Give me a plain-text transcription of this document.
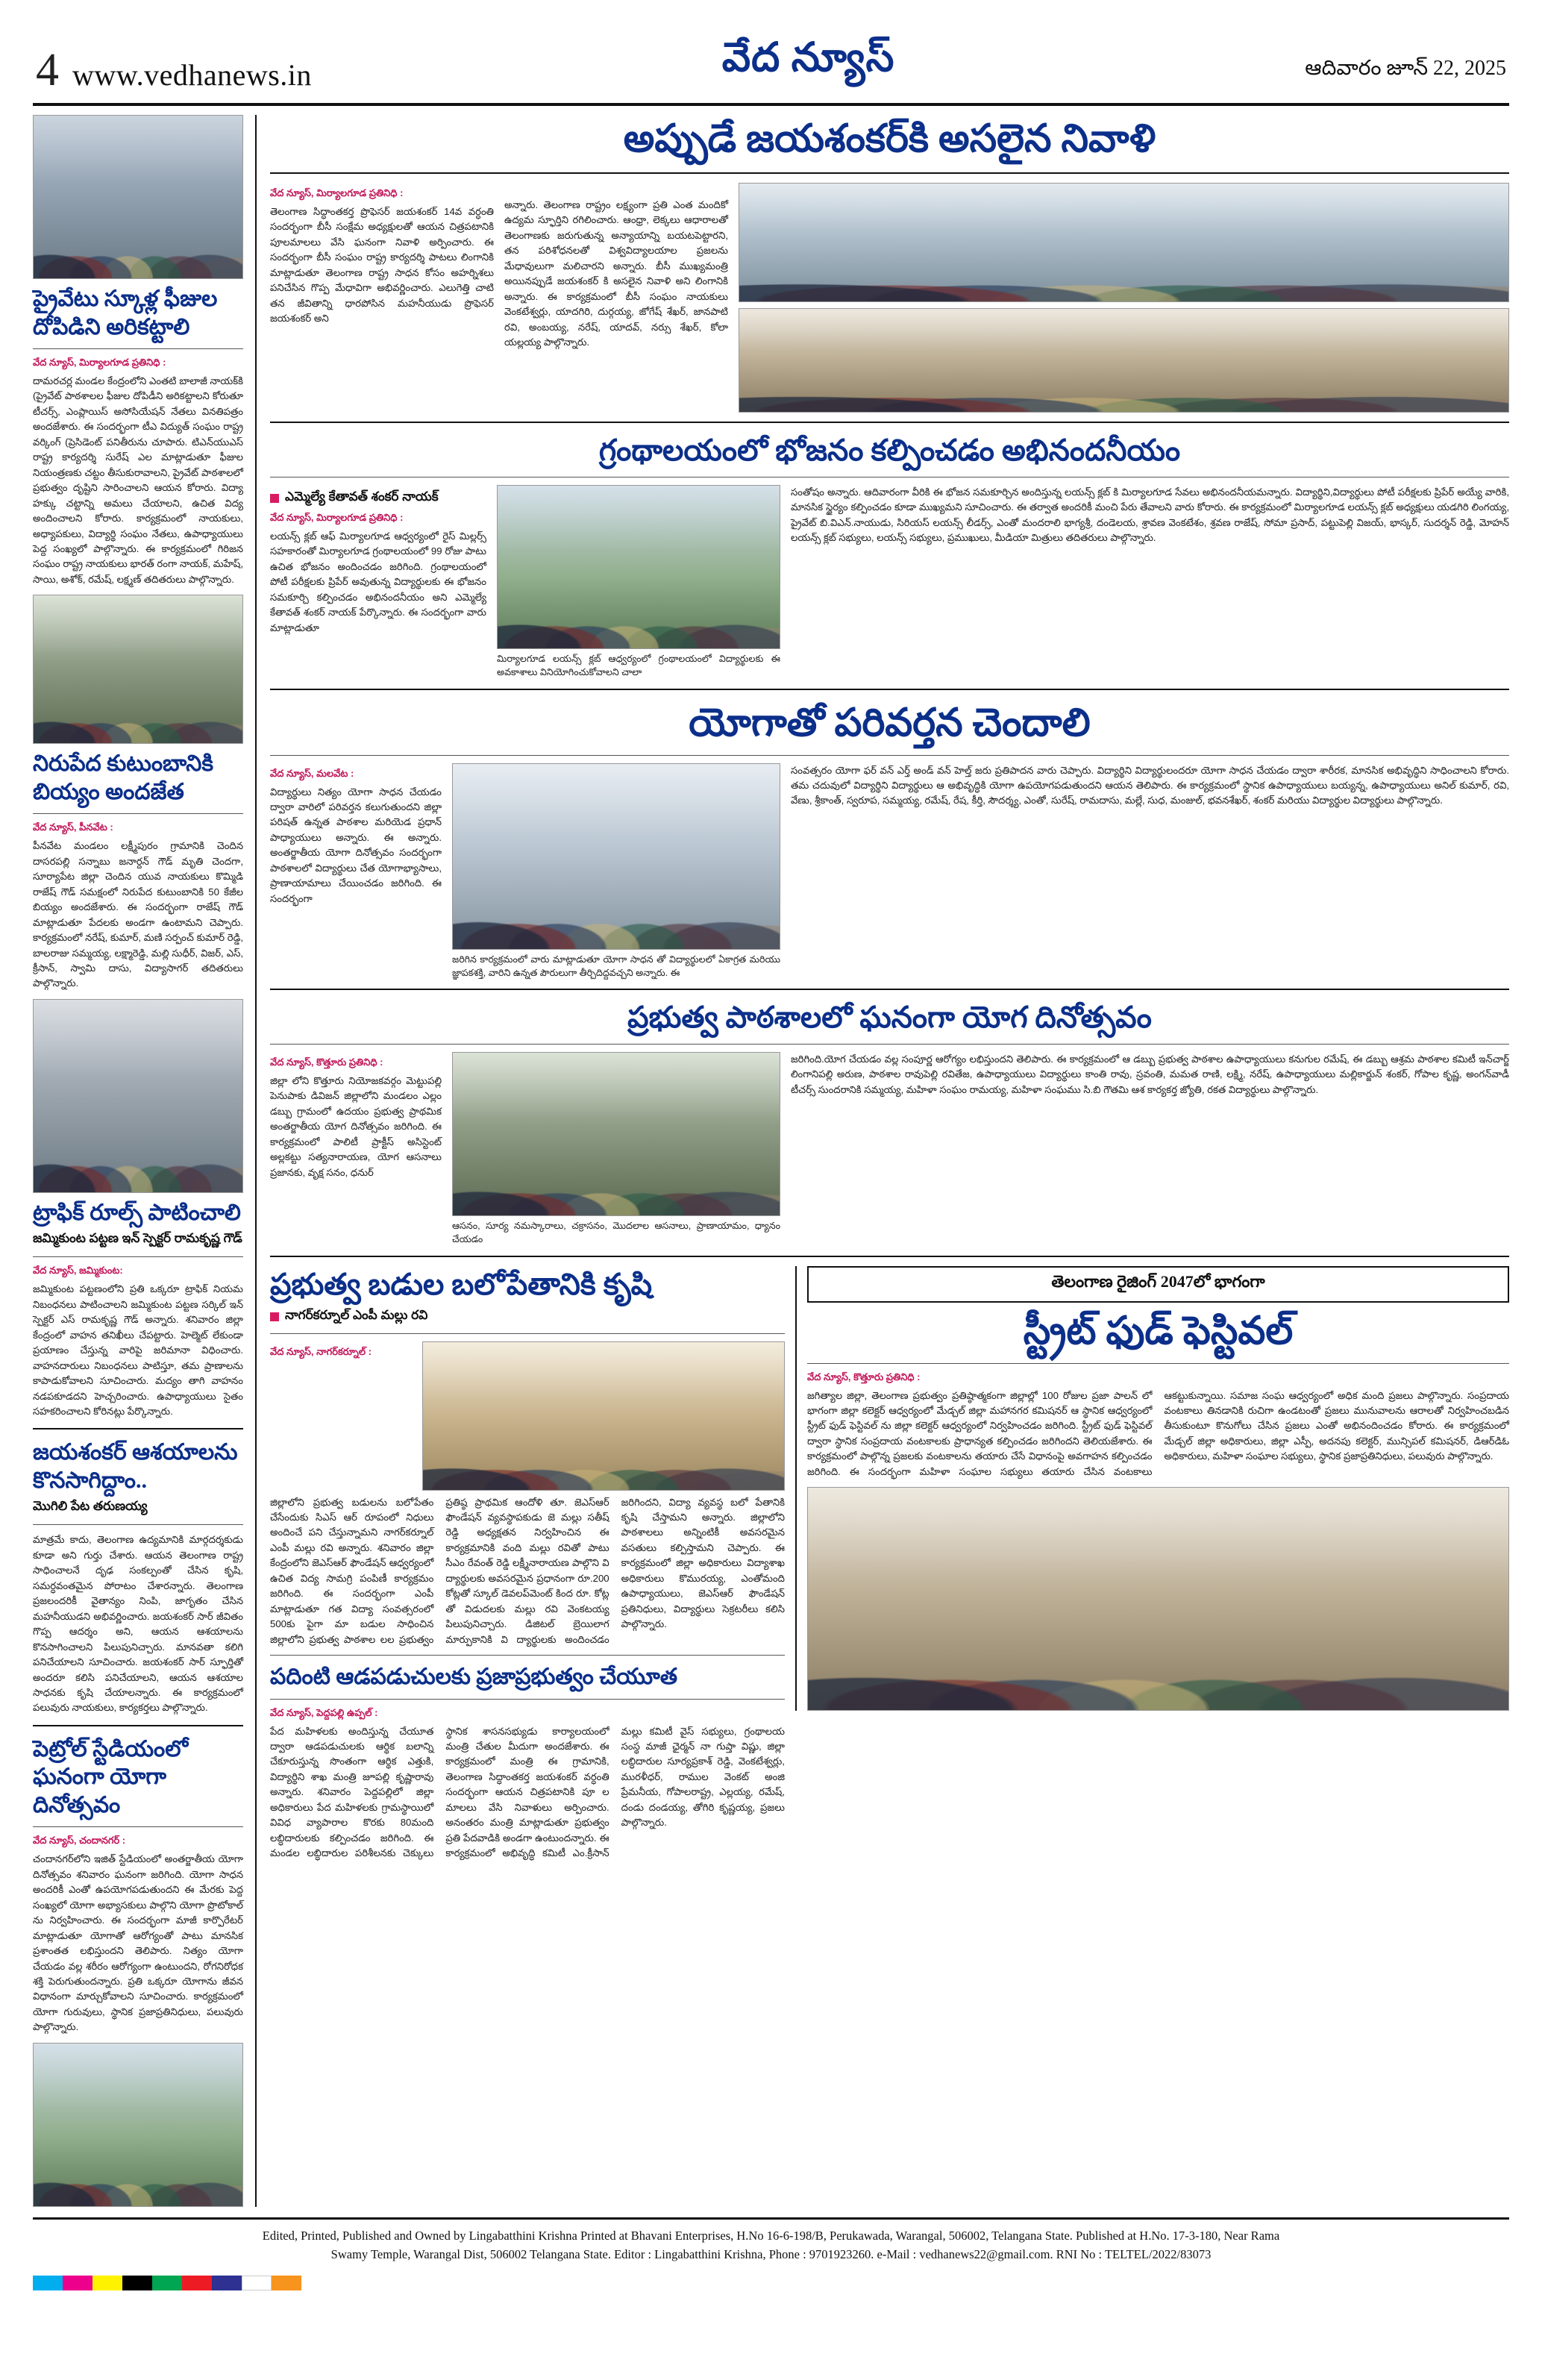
4 www.vedhanews.in	వేద న్యూస్	ఆదివారం జూన్ 22, 2025
ప్రైవేటు స్కూళ్ల ఫీజుల దోపిడిని అరికట్టాలి
వేద న్యూస్, మిర్యాలగూడ ప్రతినిధి :
దామరచర్ల మండల కేంద్రంలోని ఎంతటి బాలాజీ నాయక్‌కి (ప్రైవేట్ పాఠశాలల ఫీజుల దోపిడీని అరికట్టాలని కోరుతూ టీచర్స్, ఎంప్లాయిస్ అసోసియేషన్ నేతలు వినతిపత్రం అందజేశారు. ఈ సందర్భంగా టీఎ విద్యుత్ సంఘం రాష్ట్ర వర్కింగ్ (ప్రెసిడెంట్ పనితీరును చూపారు. టిఎన్‌యుఎస్ రాష్ట్ర కార్యదర్శి సురేష్ ఎల మాట్లాడుతూ ఫీజుల నియంత్రణకు చట్టం తీసుకురావాలని, ప్రైవేట్ పాఠశాలలో ప్రభుత్వం దృష్టిని సారించాలని ఆయన కోరారు. విద్యా హక్కు చట్టాన్ని అమలు చేయాలని, ఉచిత విద్య అందించాలని కోరారు. కార్యక్రమంలో నాయకులు, అధ్యాపకులు, విద్యార్థి సంఘం నేతలు, ఉపాధ్యాయులు పెద్ద సంఖ్యలో పాల్గొన్నారు. ఈ కార్యక్రమంలో గిరిజన సంఘం రాష్ట్ర నాయకులు భారత్ రంగా నాయక్, మహేష్, సాయి, అశోక్, రమేష్, లక్ష్మణ్ తదితరులు పాల్గొన్నారు.
నిరుపేద కుటుంబానికి బియ్యం అందజేత
వేద న్యూస్, పీనవేట :
పీనవేట మండలం లక్ష్మీపురం గ్రామానికి చెందిన దాసరపల్లి సన్నాబు జనార్దన్ గౌడ్ మృతి చెందగా, సూర్యాపేట జిల్లా చెందిన యువ నాయకులు కొమ్మిడి రాజేష్ గౌడ్ సమక్షంలో నిరుపేద కుటుంబానికి 50 కేజీల బియ్యం అందజేశారు. ఈ సందర్భంగా రాజేష్ గౌడ్ మాట్లాడుతూ పేదలకు అండగా ఉంటామని చెప్పారు. కార్యక్రమంలో నరేష్, కుమార్, మణి సర్పంచ్ కుమార్ రెడ్డి, బాలరాజు సమ్మయ్య, లక్ష్మారెడ్డి, మల్లి సుధీర్, విజర్, ఎస్, క్రీసాన్, స్వామి దాసు, విద్యాసాగర్ తదితరులు పాల్గొన్నారు.
ట్రాఫిక్ రూల్స్ పాటించాలి
జమ్మికుంట పట్టణ ఇన్ స్పెక్టర్ రామకృష్ణ గౌడ్
వేద న్యూస్, జమ్మికుంట:
జమ్మికుంట పట్టణంలోని ప్రతి ఒక్కరూ ట్రాఫిక్ నియమ నిబంధనలు పాటించాలని జమ్మికుంట పట్టణ సర్కిల్ ఇన్ స్పెక్టర్ ఎస్ రామకృష్ణ గౌడ్ అన్నారు. శనివారం జిల్లా కేంద్రంలో వాహన తనిఖీలు చేపట్టారు. హెల్మెట్ లేకుండా ప్రయాణం చేస్తున్న వారిపై జరిమానా విధించారు. వాహనదారులు నిబంధనలు పాటిస్తూ, తమ ప్రాణాలను కాపాడుకోవాలని సూచించారు. మద్యం తాగి వాహనం నడపకూడదని హెచ్చరించారు. ఉపాధ్యాయులు సైతం సహకరించాలని కోరినట్లు పేర్కొన్నారు.
జయశంకర్ ఆశయాలను కొనసాగిద్దాం..
మొగిలి పేట తరుణయ్య
మాత్రమే కాదు, తెలంగాణ ఉద్యమానికి మార్గదర్శకుడు కూడా అని గుర్తు చేశారు. ఆయన తెలంగాణ రాష్ట్ర సాధించాలనే దృఢ సంకల్పంతో చేసిన కృషి, సమర్ధవంతమైన పోరాటం చేశారన్నారు. తెలంగాణ ప్రజలందరికీ వైతాన్యం నింపి, జాగృతం చేసిన మహనీయుడని అభివర్ణించారు. జయశంకర్ సార్ జీవితం గొప్ప ఆదర్శం అని, ఆయన ఆశయాలను కొనసాగించాలని పిలుపునిచ్చారు. మానవతా కలిగి పనిచేయాలని సూచించారు. జయశంకర్ సార్ స్ఫూర్తితో అందరూ కలిసి పనిచేయాలని, ఆయన ఆశయాల సాధనకు కృషి చేయాలన్నారు. ఈ కార్యక్రమంలో పలువురు నాయకులు, కార్యకర్తలు పాల్గొన్నారు.
పెట్రోల్ స్టేడియంలో ఘనంగా యోగా దినోత్సవం
వేద న్యూస్, చందానగర్ :
చందానగర్‌లోని ఇజిత్ స్టేడియంలో అంతర్జాతీయ యోగా దినోత్సవం శనివారం ఘనంగా జరిగింది. యోగా సాధన అందరికీ ఎంతో ఉపయోగపడుతుందని ఈ మేరకు పెద్ద సంఖ్యలో యోగా అభ్యాసకులు పాల్గొని యోగా ప్రొటోకాల్ ను నిర్వహించారు. ఈ సందర్భంగా మాజీ కార్పొరేటర్ మాట్లాడుతూ యోగాతో ఆరోగ్యంతో పాటు మానసిక ప్రశాంతత లభిస్తుందని తెలిపారు. నిత్యం యోగా చేయడం వల్ల శరీరం ఆరోగ్యంగా ఉంటుందని, రోగనిరోధక శక్తి పెరుగుతుందన్నారు. ప్రతి ఒక్కరూ యోగాను జీవన విధానంగా మార్చుకోవాలని సూచించారు. కార్యక్రమంలో యోగా గురువులు, స్థానిక ప్రజాప్రతినిధులు, పలువురు పాల్గొన్నారు.
అప్పుడే జయశంకర్‌కి అసలైన నివాళి
వేద న్యూస్, మిర్యాలగూడ ప్రతినిధి :
తెలంగాణ సిద్ధాంతకర్త ప్రొఫెసర్ జయశంకర్ 14వ వర్ధంతి సందర్భంగా బీసీ సంక్షేమ అధ్యక్షులతో ఆయన చిత్రపటానికి పూలమాలలు వేసి ఘనంగా నివాళి అర్పించారు. ఈ సందర్భంగా బీసీ సంఘం రాష్ట్ర కార్యదర్శి పాటలు లింగానికి మాట్లాడుతూ తెలంగాణ రాష్ట్ర సాధన కోసం అహర్నిశలు పనిచేసిన గొప్ప మేధావిగా అభివర్ణించారు. ఎలుగెత్తి చాటి తన జీవితాన్ని ధారపోసిన మహనీయుడు ప్రొఫెసర్ జయశంకర్ అని
అన్నారు. తెలంగాణ రాష్ట్రం లక్ష్యంగా ప్రతి ఎంత మందికో ఉద్యమ స్ఫూర్తిని రగిలించారు. ఆంధ్రా, లెక్కలు ఆధారాలతో తెలంగాణకు జరుగుతున్న అన్యాయాన్ని బయటపెట్టారని, తన పరిశోధనలతో విశ్వవిద్యాలయాల ప్రజలను మేధావులుగా మలిచారని అన్నారు. బీసీ ముఖ్యమంత్రి అయినప్పుడే జయశంకర్ కి అసలైన నివాళి అని లింగానికి అన్నారు. ఈ కార్యక్రమంలో బీసీ సంఘం నాయకులు వెంకటేశ్వర్లు, యాదగిరి, దుర్గయ్య, జోగేష్ శేఖర్, జానపాటి రవి, అంబయ్య, నరేష్, యాదవ్, నర్సు శేఖర్, కోలా యల్లయ్య పాల్గొన్నారు.
గ్రంథాలయంలో భోజనం కల్పించడం అభినందనీయం
ఎమ్మెల్యే కేతావత్ శంకర్ నాయక్
వేద న్యూస్, మిర్యాలగూడ ప్రతినిధి :
లయన్స్ క్లబ్ ఆఫ్ మిర్యాలగూడ ఆధ్వర్యంలో రైస్ మిల్లర్స్ సహకారంతో మిర్యాలగూడ గ్రంథాలయంలో 99 రోజు పాటు ఉచిత భోజనం అందించడం జరిగింది. గ్రంథాలయంలో పోటీ పరీక్షలకు ప్రిపేర్ అవుతున్న విద్యార్థులకు ఈ భోజనం సమకూర్చి కల్పించడం అభినందనీయం అని ఎమ్మెల్యే కేతావత్ శంకర్ నాయక్ పేర్కొన్నారు. ఈ సందర్భంగా వారు మాట్లాడుతూ
మిర్యాలగూడ లయన్స్ క్లబ్ ఆధ్వర్యంలో గ్రంథాలయంలో విద్యార్థులకు ఈ అవకాశాలు వినియోగించుకోవాలని చాలా
సంతోషం అన్నారు. ఆదివారంగా వీరికి ఈ భోజన సమకూర్చిన అందిస్తున్న లయన్స్ క్లబ్ కి మిర్యాలగూడ సేవలు అభినందనీయమన్నారు. విద్యార్థిని,విద్యార్థులు పోటీ పరీక్షలకు ప్రిపేర్ అయ్యే వారికి, మానసిక స్థైర్యం కల్పించడం కూడా ముఖ్యమని సూచించారు. ఈ తర్వాత అందరికీ మంచి పేరు తేవాలని వారు కోరారు. ఈ కార్యక్రమంలో మిర్యాలగూడ లయన్స్ క్లబ్ అధ్యక్షులు యడగిరి లింగయ్య, ప్రైవేట్ బి.విఎన్.నాయుడు, సిరియస్ లయన్స్ లీడర్స్, ఎంతో మందరాలి భాగ్యశ్రీ, దండెలయ, శ్రావణ వెంకటేశం, శ్రవణ రాజేష్, సోమా ప్రసాద్, పట్టుపెల్లి విజయ్, భాస్కర్, సుదర్శన్ రెడ్డి, మోహన్ లయన్స్ క్లబ్ సభ్యులు, లయన్స్ సభ్యులు, ప్రముఖులు, మీడియా మిత్రులు తదితరులు పాల్గొన్నారు.
యోగాతో పరివర్తన చెందాలి
వేద న్యూస్, మలవేట :
విద్యార్థులు నిత్యం యోగా సాధన చేయడం ద్వారా వారిలో పరివర్తన కలుగుతుందని జిల్లా పరిషత్ ఉన్నత పాఠశాల మరియెడ ప్రధాన్ పాధ్యాయులు అన్నారు. ఈ అన్నారు. అంతర్జాతీయ యోగా దినోత్సవం సందర్భంగా పాఠశాలలో విద్యార్థులు చేత యోగాభ్యాసాలు, ప్రాణాయామాలు చేయించడం జరిగింది. ఈ సందర్భంగా
జరిగిన కార్యక్రమంలో వారు మాట్లాడుతూ యోగా సాధన తో విద్యార్థులలో ఏకాగ్రత మరియు జ్ఞాపకశక్తి, వారిని ఉన్నత పౌరులుగా తీర్చిదిద్దవచ్చని అన్నారు. ఈ
సంవత్సరం యోగా ఫర్ వన్ ఎర్త్ అండ్ వన్ హెల్త్ జరు ప్రతిపాదన వారు చెప్పారు. విద్యార్థిని విద్యార్థులందరూ యోగా సాధన చేయడం ద్వారా శారీరక, మానసిక అభివృద్ధిని సాధించాలని కోరారు. తమ చదువులో విద్యార్థిని విద్యార్థులు ఆ అభివృద్ధికి యోగా ఉపయోగపడుతుందని ఆయన తెలిపారు. ఈ కార్యక్రమంలో స్థానిక ఉపాధ్యాయులు బయ్యన్న, ఉపాధ్యాయులు అనిల్ కుమార్, రవి, వేణు, శ్రీకాంత్, స్వరూప, సమ్మయ్య, రమేష్, రేష, కీర్తి, సౌదర్శ్య, ఎంతో, సురేష్, రామదాసు, మల్లే, సుధ, మంజుల్, భవనశేఖర్, శంకర్ మరియు విద్యార్థుల విద్యార్థులు పాల్గొన్నారు.
ప్రభుత్వ పాఠశాలలో ఘనంగా యోగ దినోత్సవం
వేద న్యూస్, కొత్తూరు ప్రతినిధి :
జిల్లా లోని కొత్తూరు నియోజకవర్గం మెట్టుపల్లి పెనుపాకు డివిజన్ జిల్లాలోని మండలం ఎల్లం డబ్బు గ్రామంలో ఉదయం ప్రభుత్వ ప్రాథమిక అంతర్జాతీయ యోగ దినోత్సవం జరిగింది. ఈ కార్యక్రమంలో పాలిటీ ప్రాక్టీస్ అసిస్టెంట్ అల్లకట్టు సత్యనారాయణ, యోగ ఆసనాలు ప్రజానకు, వృక్ష సనం, ధనుర్
ఆసనం, సూర్య నమస్కారాలు, చక్రాసనం, మొదలాల ఆసనాలు, ప్రాణాయామం, ధ్యానం చేయడం
జరిగింది.యోగ చేయడం వల్ల సంపూర్ణ ఆరోగ్యం లభిస్తుందని తెలిపారు. ఈ కార్యక్రమంలో ఆ డబ్బు ప్రభుత్వ పాఠశాల ఉపాధ్యాయులు కనుగుల రమేష్, ఈ డబ్బు ఆశ్రమ పాఠశాల కమిటీ ఇన్‌చార్జ్ లింగానిపల్లి అరుణ, పాఠశాల రావుపెల్లి రవితేజ, ఉపాధ్యాయులు విద్యార్థులు కాంతి రావు, స్రవంతి, మమత రాణి, లక్ష్మి, నరేష్, ఉపాధ్యాయులు మల్లికార్జున్ శంకర్, గోపాల కృష్ణ, అంగన్‌వాడీ టీచర్స్ సుందరానికి సమ్మయ్య, మహిళా సంఘం రామయ్య, మహిళా సంఘము సి.బి గౌతమి ఆశ కార్యకర్త జ్యోతి, రకత విద్యార్థులు పాల్గొన్నారు.
ప్రభుత్వ బడుల బలోపేతానికి కృషి
నాగర్‌కర్నూల్ ఎంపీ మల్లు రవి
వేద న్యూస్, నాగర్‌కర్నూల్ :
జిల్లాలోని ప్రభుత్వ బడులను బలోపేతం చేసేందుకు సిఎస్ ఆర్ రూపంలో నిధులు అందించే పని చేస్తున్నామని నాగర్‌కర్నూల్ ఎంపీ మల్లు రవి అన్నారు. శనివారం జిల్లా కేంద్రంలోని జెఎస్ఆర్ ఫౌండేషన్ ఆధ్వర్యంలో ఉచిత విద్య సామగ్రి పంపిణీ కార్యక్రమం జరిగింది. ఈ సందర్భంగా ఎంపీ మాట్లాడుతూ గత విద్యా సంవత్సరంలో 500కు పైగా మా బడుల సాధించిన జిల్లాలోని ప్రభుత్వ పాఠశాల లల ప్రభుత్వం ప్రతిష్ఠ ప్రాథమిక ఆందోళి తూ. జెఎస్ఆర్ ఫౌండేషన్ వ్యవస్థాపకుడు జె మల్లు సతీష్ రెడ్డి అధ్యక్షతన నిర్వహించిన ఈ కార్యక్రమానికి వంది మల్లు రవితో పాటు సీఎం రేవంత్ రెడ్డి లక్ష్మీనారాయణ పాల్గొని వి ద్యార్థులకు అవసరమైన ప్రధానంగా రూ.200 కోట్లతో స్కూల్ డెవలప్‌మెంట్ కింద రూ. కోట్ల తో విడుదలకు మల్లు రవి వెంకటయ్య పిలుపునిచ్చారు. డిజిటల్ బ్రెయిలాగ మార్పుకానికి వి ద్యార్థులకు అందించడం జరిగిందని, విద్యా వ్యవస్థ బలో పేతానికి కృషి చేస్తామని అన్నారు. జిల్లాలోని పాఠశాలలు అన్నింటికీ అవసరమైన వసతులు కల్పిస్తామని చెప్పారు. ఈ కార్యక్రమంలో జిల్లా అధికారులు విద్యాశాఖ అధికారులు కొమురయ్య, ఎంతోమంది ఉపాధ్యాయులు, జెఎస్ఆర్ ఫౌండేషన్ ప్రతినిధులు, విద్యార్థులు సెక్రటరీలు కలిసి పాల్గొన్నారు.
పదింటి ఆడపడుచులకు ప్రజాప్రభుత్వం చేయూత
వేద న్యూస్, పెద్దపల్లి ఉప్పల్ :
పేద మహిళలకు అందిస్తున్న చేయూత ద్వారా ఆడపడుచులకు ఆర్థిక బలాన్ని చేకూరుస్తున్న సొంతంగా ఆర్థిక ఎత్తుకి, విద్యార్థిని శాఖ మంత్రి జూపల్లి కృష్ణారావు అన్నారు. శనివారం పెద్దపల్లిలో జిల్లా అధికారులు పేద మహిళలకు గ్రామస్థాయిలో వివిధ వ్యాపారాల కొరకు 80మంది లబ్ధిదారులకు కల్పించడం జరిగింది. ఈ మండల లబ్ధిదారుల పరిశీలనకు చెక్కులు స్థానిక శాసనసభ్యుడు కార్యాలయంలో మంత్రి చేతుల మీదుగా అందజేశారు. ఈ కార్యక్రమంలో మంత్రి ఈ గ్రామానికి, తెలంగాణ సిద్ధాంతకర్త జయశంకర్ వర్ధంతి సందర్భంగా ఆయన చిత్రపటానికి పూ ల మాలలు వేసి నివాళులు అర్పించారు. అనంతరం మంత్రి మాట్లాడుతూ ప్రభుత్వం ప్రతి పేదవాడికి అండగా ఉంటుందన్నారు. ఈ కార్యక్రమంలో అభివృద్ధి కమిటీ ఎం.క్రీసాన్ మల్లు కమిటీ వైస్ సభ్యులు, గ్రంథాలయ సంస్థ మాజీ ఛైర్మన్ నా గుప్తా విష్ణు, జిల్లా లబ్ధిదారుల సూర్యప్రకాశ్ రెడ్డి, వెంకటేశ్వర్లు, మురళీధర్, రాముల వెంకట్ అంజి ప్రేమనీయ, గోపాలరాష్ట్ర, ఎల్లయ్య, రమేష్, దండు దండయ్య, తోగిరి కృష్ణయ్య, ప్రజలు పాల్గొన్నారు.
తెలంగాణ రైజింగ్ 2047లో భాగంగా
స్ట్రీట్ ఫుడ్ ఫెస్టివల్
వేద న్యూస్, కొత్తూరు ప్రతినిధి :
జగిత్యాల జిల్లా, తెలంగాణ ప్రభుత్వం ప్రతిష్ఠాత్మకంగా జిల్లాల్లో 100 రోజుల ప్రజా పాలన్ లో భాగంగా జిల్లా కలెక్టర్ ఆధ్వర్యంలో మేడ్చల్ జిల్లా మహానగర కమిషనర్ ఆ స్థానిక ఆధ్వర్యంలో స్ట్రీట్ ఫుడ్ ఫెస్టివల్ ను జిల్లా కలెక్టర్ ఆధ్వర్యంలో నిర్వహించడం జరిగింది. స్ట్రీట్ ఫుడ్ ఫెస్టివల్ ద్వారా స్థానిక సంప్రదాయ వంటకాలకు ప్రాధాన్యత కల్పించడం జరిగిందని తెలియజేశారు. ఈ కార్యక్రమంలో పాల్గొన్న ప్రజలకు వంటకాలను తయారు చేసే విధానంపై అవగాహన కల్పించడం జరిగింది. ఈ సందర్భంగా మహిళా సంఘాల సభ్యులు తయారు చేసిన వంటకాలు ఆకట్టుకున్నాయి. సమాజ సంఘ ఆధ్వర్యంలో అధిక మంది ప్రజలు పాల్గొన్నారు. సంప్రదాయ వంటకాలు తినడానికి రుచిగా ఉండటంతో ప్రజలు మునువాలను ఆరాలతో నిర్వహించబడిన తీసుకుంటూ కొనుగోలు చేసిన ప్రజలు ఎంతో అభినందించడం కోరారు. ఈ కార్యక్రమంలో మేడ్చల్ జిల్లా అధికారులు, జిల్లా ఎస్పీ, అదనపు కలెక్టర్, మున్సిపల్ కమిషనర్, డిఆర్‌డిఓ అధికారులు, మహిళా సంఘాల సభ్యులు, స్థానిక ప్రజాప్రతినిధులు, పలువురు పాల్గొన్నారు.
Edited, Printed, Published and Owned by Lingabatthini Krishna Printed at Bhavani Enterprises, H.No 16-6-198/B, Perukawada, Warangal, 506002, Telangana State. Published at H.No. 17-3-180, Near Rama
Swamy Temple, Warangal Dist, 506002 Telangana State. Editor : Lingabatthini Krishna, Phone : 9701923260. e-Mail : vedhanews22@gmail.com. RNI No : TELTEL/2022/83073
